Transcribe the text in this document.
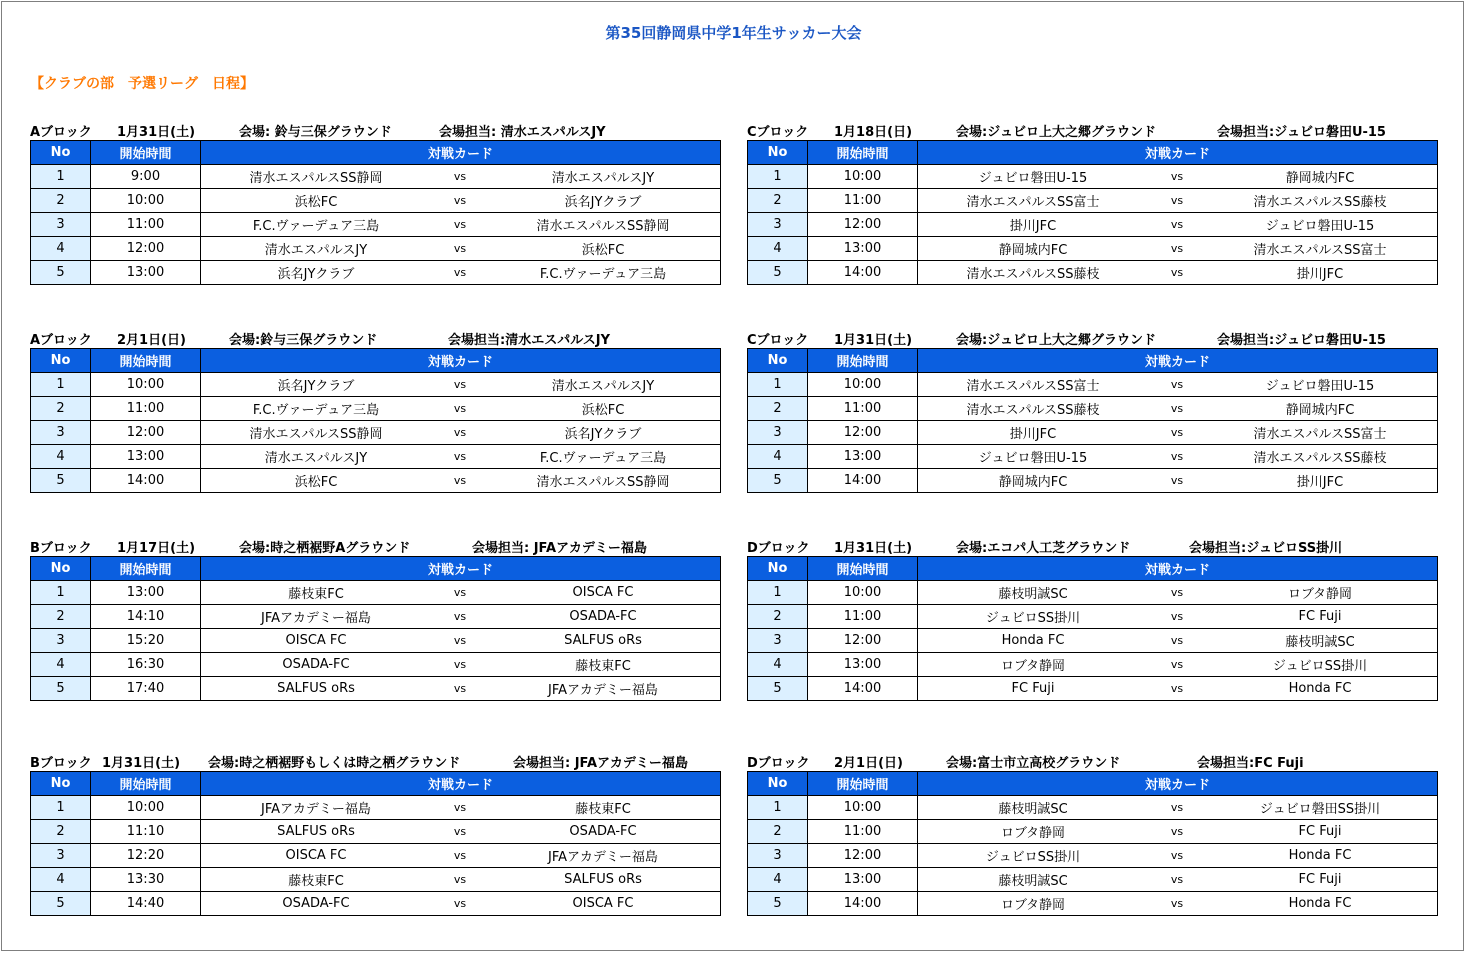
第35回静岡県中学1年生サッカー大会
【クラブの部　予選リーグ　日程】
Aブロック 1月31日(土)	会場: 鈴与三保グラウンド	会場担当: 清水エスパルスJY
No	開始時間	対戦カード
1	9:00	清水エスパルスSS静岡 vs 清水エスパルスJY

2	10:00	浜松FC vs 浜名JYクラブ

3	11:00	F.C.ヴァーデュア三島 vs 清水エスパルスSS静岡

4	12:00	清水エスパルスJY vs 浜松FC

5	13:00	浜名JYクラブ vs F.C.ヴァーデュア三島
Cブロック 1月18日(日)	会場:ジュビロ上大之郷グラウンド	会場担当:ジュビロ磐田U-15
No	開始時間	対戦カード
1	10:00	ジュビロ磐田U-15 vs 静岡城内FC

2	11:00	清水エスパルスSS富士 vs 清水エスパルスSS藤枝

3	12:00	掛川JFC vs ジュビロ磐田U-15

4	13:00	静岡城内FC vs 清水エスパルスSS富士

5	14:00	清水エスパルスSS藤枝 vs 掛川JFC
Aブロック 2月1日(日)	会場:鈴与三保グラウンド	会場担当:清水エスパルスJY
No	開始時間	対戦カード
1	10:00	浜名JYクラブ vs 清水エスパルスJY

2	11:00	F.C.ヴァーデュア三島 vs 浜松FC

3	12:00	清水エスパルスSS静岡 vs 浜名JYクラブ

4	13:00	清水エスパルスJY vs F.C.ヴァーデュア三島

5	14:00	浜松FC vs 清水エスパルスSS静岡
Cブロック 1月31日(土)	会場:ジュビロ上大之郷グラウンド	会場担当:ジュビロ磐田U-15
No	開始時間	対戦カード
1	10:00	清水エスパルスSS富士 vs ジュビロ磐田U-15

2	11:00	清水エスパルスSS藤枝 vs 静岡城内FC

3	12:00	掛川JFC vs 清水エスパルスSS富士

4	13:00	ジュビロ磐田U-15 vs 清水エスパルスSS藤枝

5	14:00	静岡城内FC vs 掛川JFC
Bブロック 1月17日(土)	会場:時之栖裾野Aグラウンド	会場担当: JFAアカデミー福島
No	開始時間	対戦カード
1	13:00	藤枝東FC vs OISCA FC

2	14:10	JFAアカデミー福島 vs OSADA-FC

3	15:20	OISCA FC vs SALFUS oRs

4	16:30	OSADA-FC vs 藤枝東FC

5	17:40	SALFUS oRs vs JFAアカデミー福島
Dブロック 1月31日(土)	会場:エコパ人工芝グラウンド	会場担当:ジュビロSS掛川
No	開始時間	対戦カード
1	10:00	藤枝明誠SC vs ロブタ静岡

2	11:00	ジュビロSS掛川 vs FC Fuji

3	12:00	Honda FC vs 藤枝明誠SC

4	13:00	ロブタ静岡 vs ジュビロSS掛川

5	14:00	FC Fuji vs Honda FC
Bブロック 1月31日(土) 会場:時之栖裾野もしくは時之栖グラウンド	会場担当: JFAアカデミー福島
No	開始時間	対戦カード
1	10:00	JFAアカデミー福島 vs 藤枝東FC

2	11:10	SALFUS oRs vs OSADA-FC

3	12:20	OISCA FC vs JFAアカデミー福島

4	13:30	藤枝東FC vs SALFUS oRs

5	14:40	OSADA-FC vs OISCA FC
Dブロック 2月1日(日)	会場:富士市立高校グラウンド	会場担当:FC Fuji
No	開始時間	対戦カード
1	10:00	藤枝明誠SC vs ジュビロ磐田SS掛川

2	11:00	ロブタ静岡 vs FC Fuji

3	12:00	ジュビロSS掛川 vs Honda FC

4	13:00	藤枝明誠SC vs FC Fuji

5	14:00	ロブタ静岡 vs Honda FC
